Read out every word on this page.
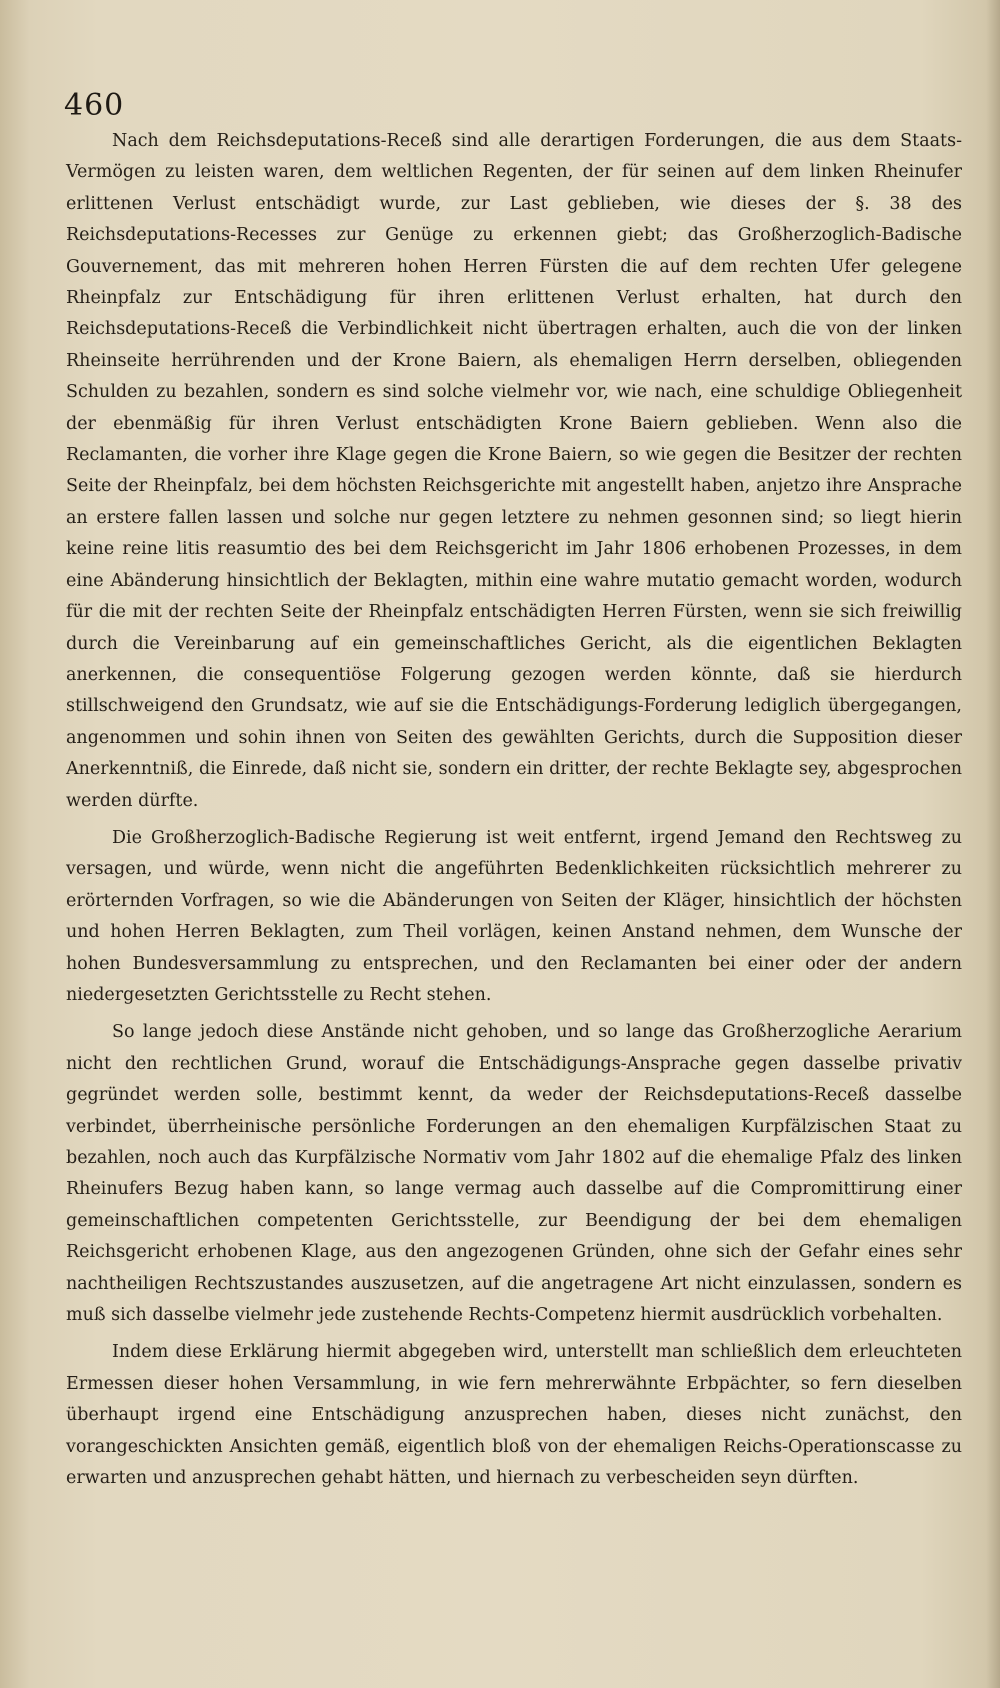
460

Nach dem Reichsdeputations-Receß sind alle derartigen Forderungen, die aus dem Staats-Vermögen zu leisten waren, dem weltlichen Regenten, der für seinen auf dem linken Rheinufer erlittenen Verlust entschädigt wurde, zur Last geblieben, wie dieses der §. 38 des Reichsdeputations-Recesses zur Genüge zu erkennen giebt; das Großherzoglich-Badische Gouvernement, das mit mehreren hohen Herren Fürsten die auf dem rechten Ufer gelegene Rheinpfalz zur Entschädigung für ihren erlittenen Verlust erhalten, hat durch den Reichsdeputations-Receß die Verbindlichkeit nicht übertragen erhalten, auch die von der linken Rheinseite herrührenden und der Krone Baiern, als ehemaligen Herrn derselben, obliegenden Schulden zu bezahlen, sondern es sind solche vielmehr vor, wie nach, eine schuldige Obliegenheit der ebenmäßig für ihren Verlust entschädigten Krone Baiern geblieben. Wenn also die Reclamanten, die vorher ihre Klage gegen die Krone Baiern, so wie gegen die Besitzer der rechten Seite der Rheinpfalz, bei dem höchsten Reichsgerichte mit angestellt haben, anjetzo ihre Ansprache an erstere fallen lassen und solche nur gegen letztere zu nehmen gesonnen sind; so liegt hierin keine reine litis reasumtio des bei dem Reichsgericht im Jahr 1806 erhobenen Prozesses, in dem eine Abänderung hinsichtlich der Beklagten, mithin eine wahre mutatio gemacht worden, wodurch für die mit der rechten Seite der Rheinpfalz entschädigten Herren Fürsten, wenn sie sich freiwillig durch die Vereinbarung auf ein gemeinschaftliches Gericht, als die eigentlichen Beklagten anerkennen, die consequentiöse Folgerung gezogen werden könnte, daß sie hierdurch stillschweigend den Grundsatz, wie auf sie die Entschädigungs-Forderung lediglich übergegangen, angenommen und sohin ihnen von Seiten des gewählten Gerichts, durch die Supposition dieser Anerkenntniß, die Einrede, daß nicht sie, sondern ein dritter, der rechte Beklagte sey, abgesprochen werden dürfte.

Die Großherzoglich-Badische Regierung ist weit entfernt, irgend Jemand den Rechtsweg zu versagen, und würde, wenn nicht die angeführten Bedenklichkeiten rücksichtlich mehrerer zu erörternden Vorfragen, so wie die Abänderungen von Seiten der Kläger, hinsichtlich der höchsten und hohen Herren Beklagten, zum Theil vorlägen, keinen Anstand nehmen, dem Wunsche der hohen Bundesversammlung zu entsprechen, und den Reclamanten bei einer oder der andern niedergesetzten Gerichtsstelle zu Recht stehen.

So lange jedoch diese Anstände nicht gehoben, und so lange das Großherzogliche Aerarium nicht den rechtlichen Grund, worauf die Entschädigungs-Ansprache gegen dasselbe privativ gegründet werden solle, bestimmt kennt, da weder der Reichsdeputations-Receß dasselbe verbindet, überrheinische persönliche Forderungen an den ehemaligen Kurpfälzischen Staat zu bezahlen, noch auch das Kurpfälzische Normativ vom Jahr 1802 auf die ehemalige Pfalz des linken Rheinufers Bezug haben kann, so lange vermag auch dasselbe auf die Compromittirung einer gemeinschaftlichen competenten Gerichtsstelle, zur Beendigung der bei dem ehemaligen Reichsgericht erhobenen Klage, aus den angezogenen Gründen, ohne sich der Gefahr eines sehr nachtheiligen Rechtszustandes auszusetzen, auf die angetragene Art nicht einzulassen, sondern es muß sich dasselbe vielmehr jede zustehende Rechts-Competenz hiermit ausdrücklich vorbehalten.

Indem diese Erklärung hiermit abgegeben wird, unterstellt man schließlich dem erleuchteten Ermessen dieser hohen Versammlung, in wie fern mehrerwähnte Erbpächter, so fern dieselben überhaupt irgend eine Entschädigung anzusprechen haben, dieses nicht zunächst, den vorangeschickten Ansichten gemäß, eigentlich bloß von der ehemaligen Reichs-Operationscasse zu erwarten und anzusprechen gehabt hätten, und hiernach zu verbescheiden seyn dürften.
